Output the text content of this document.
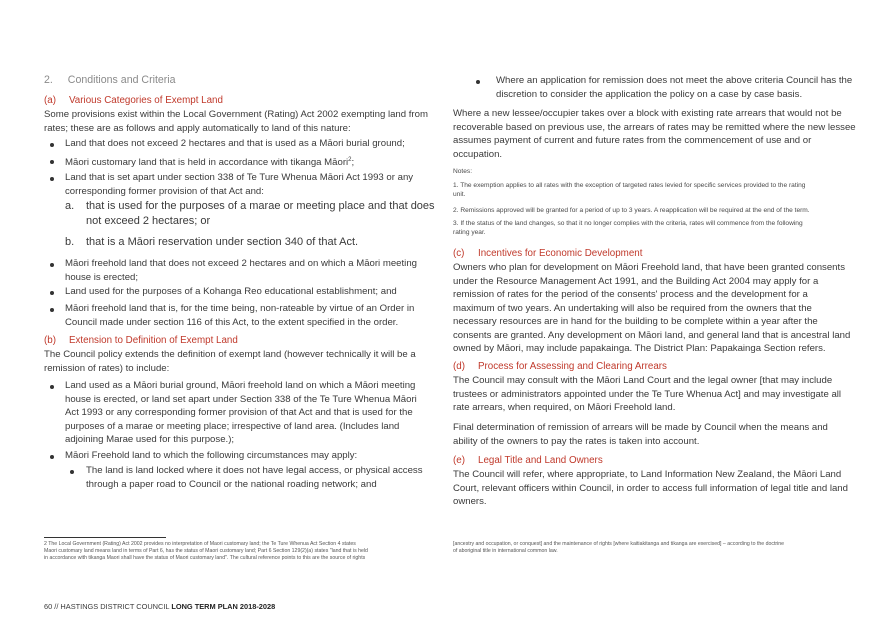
2. Conditions and Criteria
(a) Various Categories of Exempt Land
Some provisions exist within the Local Government (Rating) Act 2002 exempting land from
rates; these are as follows and apply automatically to land of this nature:
Land that does not exceed 2 hectares and that is used as a Māori burial ground;
Māori customary land that is held in accordance with tikanga Māori$^2$;
Land that is set apart under section 338 of Te Ture Whenua Māori Act 1993 or any
corresponding former provision of that Act and:
a. that is used for the purposes of a marae or meeting place and that does
not exceed 2 hectares; or
b. that is a Māori reservation under section 340 of that Act.
Māori freehold land that does not exceed 2 hectares and on which a Māori meeting
house is erected;
Land used for the purposes of a Kohanga Reo educational establishment; and
Māori freehold land that is, for the time being, non-rateable by virtue of an Order in
Council made under section 116 of this Act, to the extent specified in the order.
(b) Extension to Definition of Exempt Land
The Council policy extends the definition of exempt land (however technically it will be a
remission of rates) to include:
Land used as a Māori burial ground, Māori freehold land on which a Māori meeting
house is erected, or land set apart under Section 338 of the Te Ture Whenua Māori
Act 1993 or any corresponding former provision of that Act and that is used for the
purposes of a marae or meeting place; irrespective of land area. (Includes land
adjoining Marae used for this purpose.);
Māori Freehold land to which the following circumstances may apply:
The land is land locked where it does not have legal access, or physical access
through a paper road to Council or the national roading network; and
2 The Local Government (Rating) Act 2002 provides no interpretation of Maori customary land; the Te Ture Whenua Act Section 4 states
Maori customary land means land in terms of Part 6, has the status of Maori customary land; Part 6 Section 129(2)(a) states "land that is held
in accordance with tikanga Maori shall have the status of Maori customary land". The cultural reference points to this are the source of rights
Where an application for remission does not meet the above criteria Council has the
discretion to consider the application the policy on a case by case basis.
Where a new lessee/occupier takes over a block with existing rate arrears that would not be
recoverable based on previous use, the arrears of rates may be remitted where the new lessee
assumes payment of current and future rates from the commencement of use and or
occupation.
Notes:
1. The exemption applies to all rates with the exception of targeted rates levied for specific services provided to the rating
unit.
2. Remissions approved will be granted for a period of up to 3 years. A reapplication will be required at the end of the term.
3. If the status of the land changes, so that it no longer complies with the criteria, rates will commence from the following
rating year.
(c) Incentives for Economic Development
Owners who plan for development on Māori Freehold land, that have been granted consents
under the Resource Management Act 1991, and the Building Act 2004 may apply for a
remission of rates for the period of the consents' process and the development for a
maximum of two years. An undertaking will also be required from the owners that the
necessary resources are in hand for the building to be complete within a year after the
consents are granted. Any development on Māori land, and general land that is ancestral land
owned by Māori, may include papakainga. The District Plan: Papakainga Section refers.
(d) Process for Assessing and Clearing Arrears
The Council may consult with the Māori Land Court and the legal owner [that may include
trustees or administrators appointed under the Te Ture Whenua Act] and may investigate all
rate arrears, when required, on Māori Freehold land.
Final determination of remission of arrears will be made by Council when the means and
ability of the owners to pay the rates is taken into account.
(e) Legal Title and Land Owners
The Council will refer, where appropriate, to Land Information New Zealand, the Māori Land
Court, relevant officers within Council, in order to access full information of legal title and land
owners.
[ancestry and occupation, or conquest] and the maintenance of rights [where kaitiakitanga and tikanga are exercised] – according to the doctrine
of aboriginal title in international common law.
60 // HASTINGS DISTRICT COUNCIL LONG TERM PLAN 2018-2028
